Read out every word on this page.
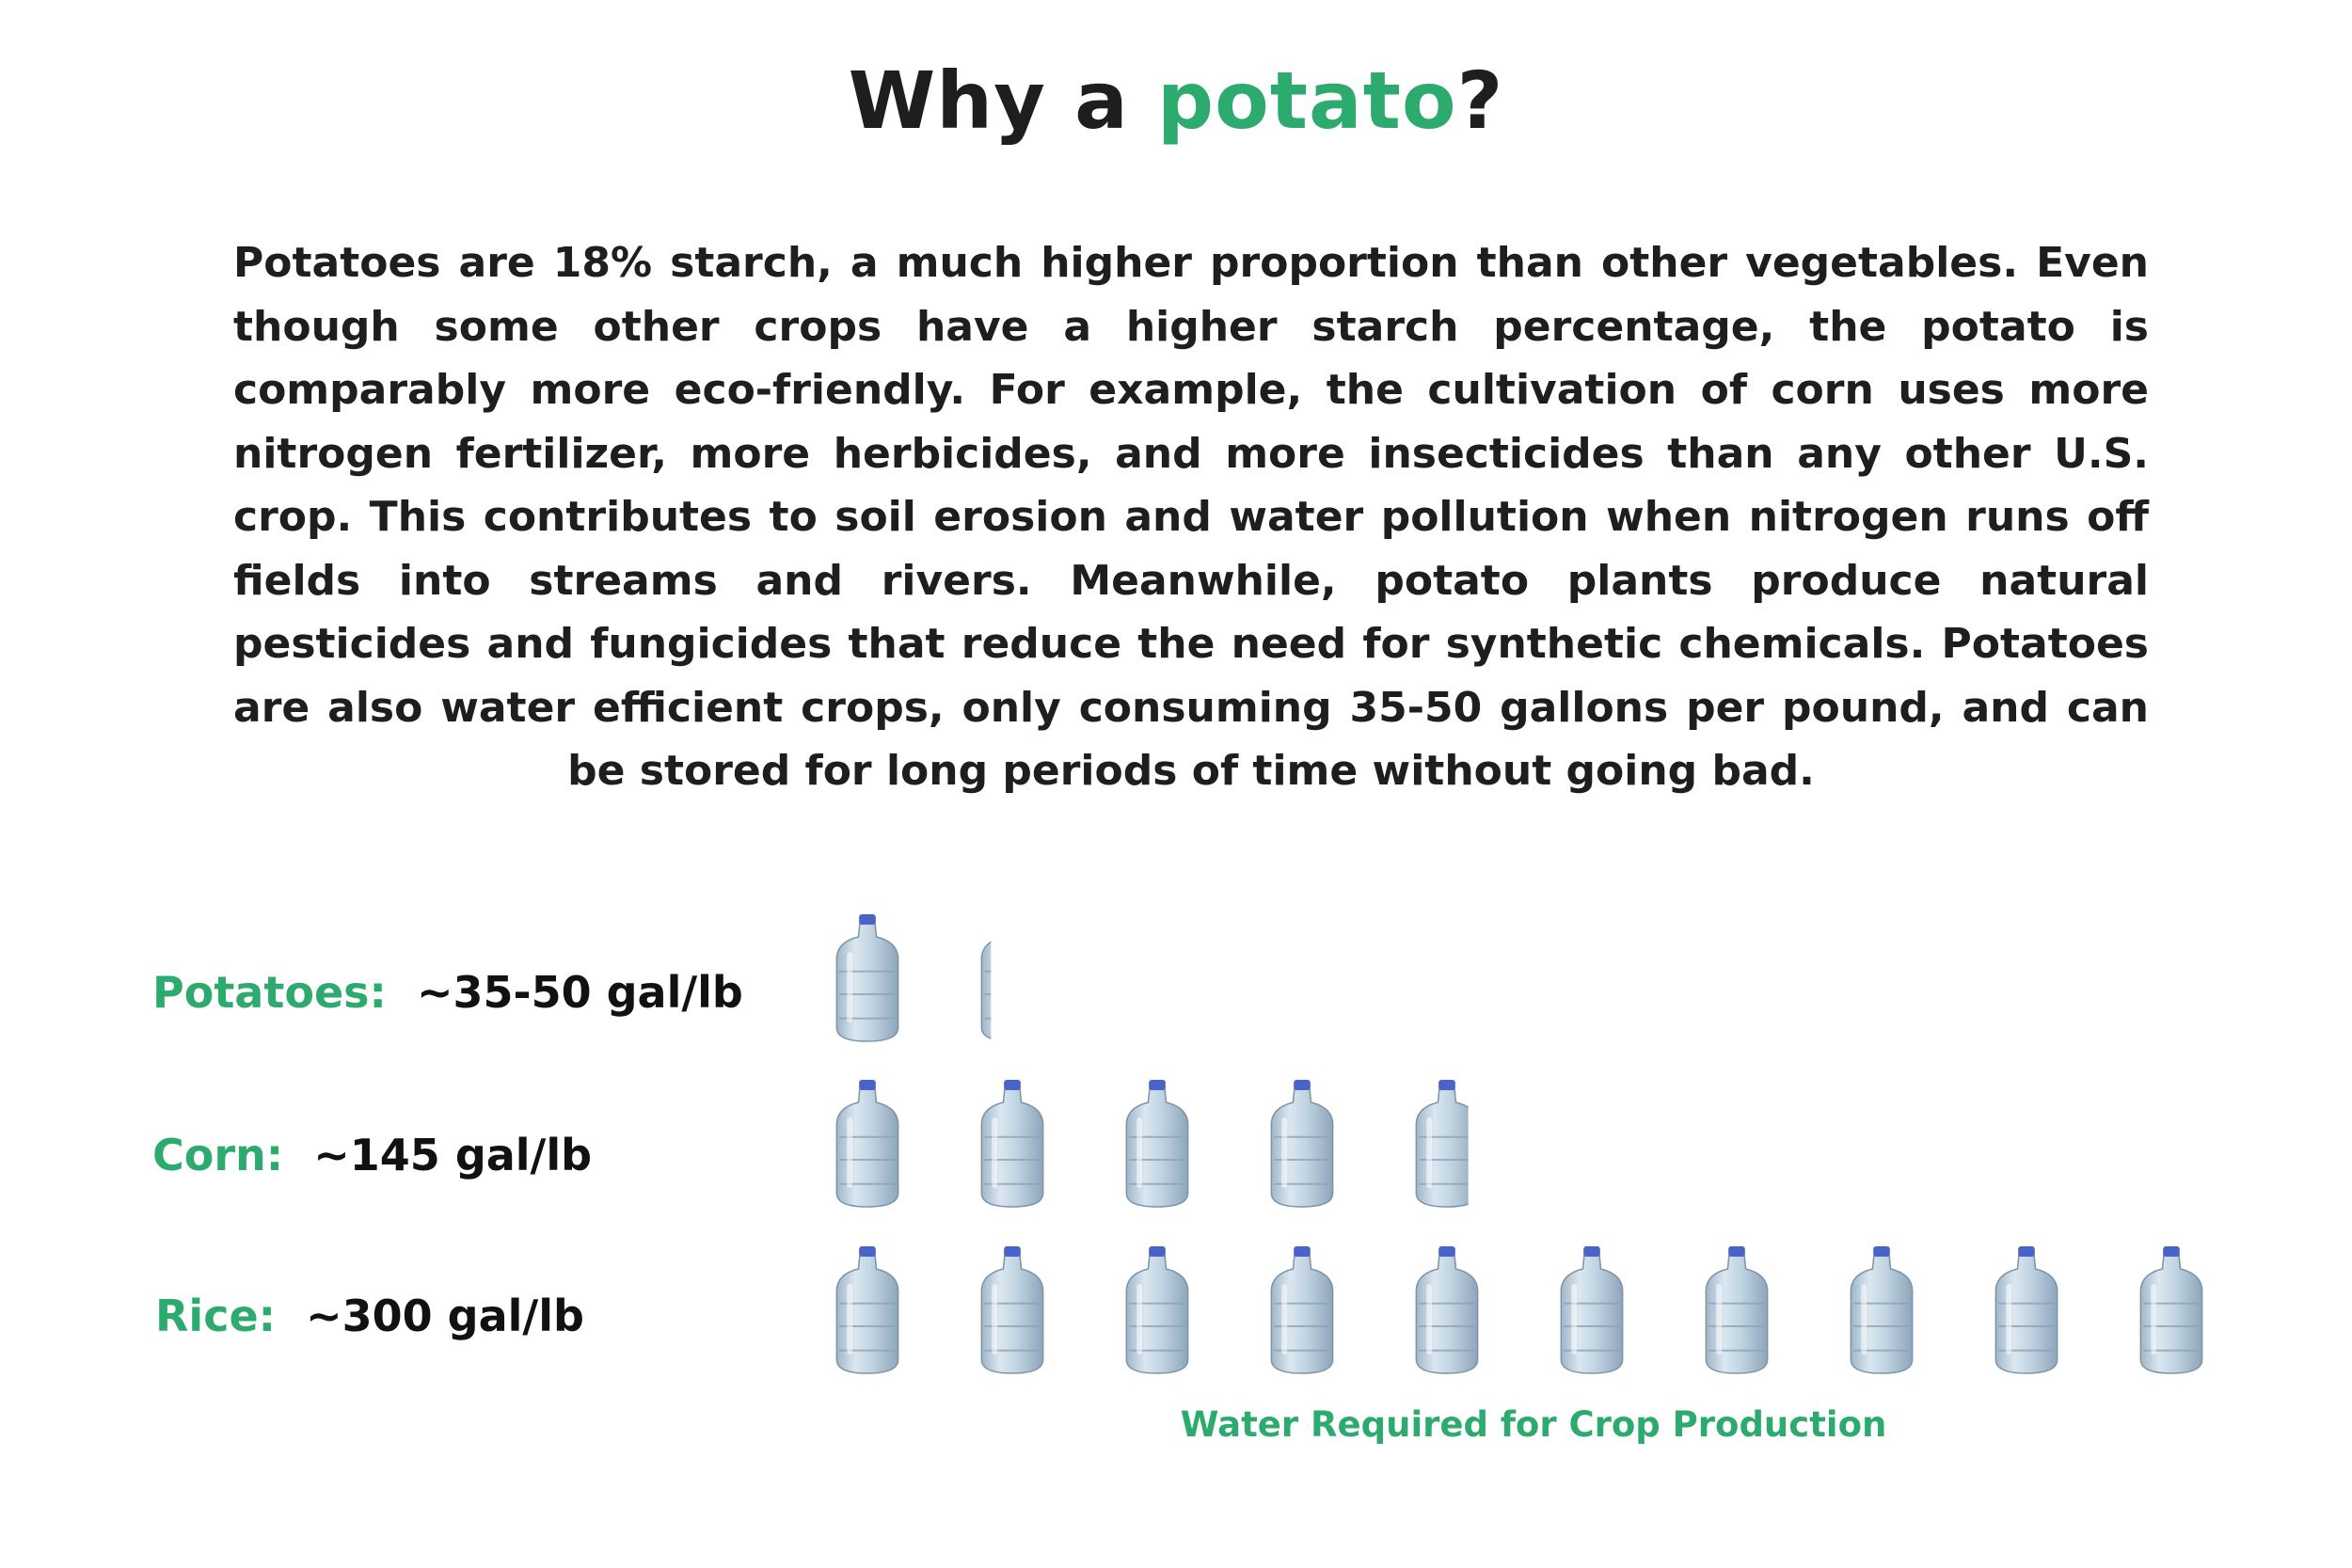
Why a potato?

Potatoes are 18% starch, a much higher proportion than other vegetables. Even though some other crops have a higher starch percentage, the potato is comparably more eco-friendly. For example, the cultivation of corn uses more nitrogen fertilizer, more herbicides, and more insecticides than any other U.S. crop. This contributes to soil erosion and water pollution when nitrogen runs off fields into streams and rivers. Meanwhile, potato plants produce natural pesticides and fungicides that reduce the need for synthetic chemicals. Potatoes are also water efficient crops, only consuming 35-50 gallons per pound, and can be stored for long periods of time without going bad.

Potatoes: ~35-50 gal/lb
Corn: ~145 gal/lb
Rice: ~300 gal/lb

Water Required for Crop Production
